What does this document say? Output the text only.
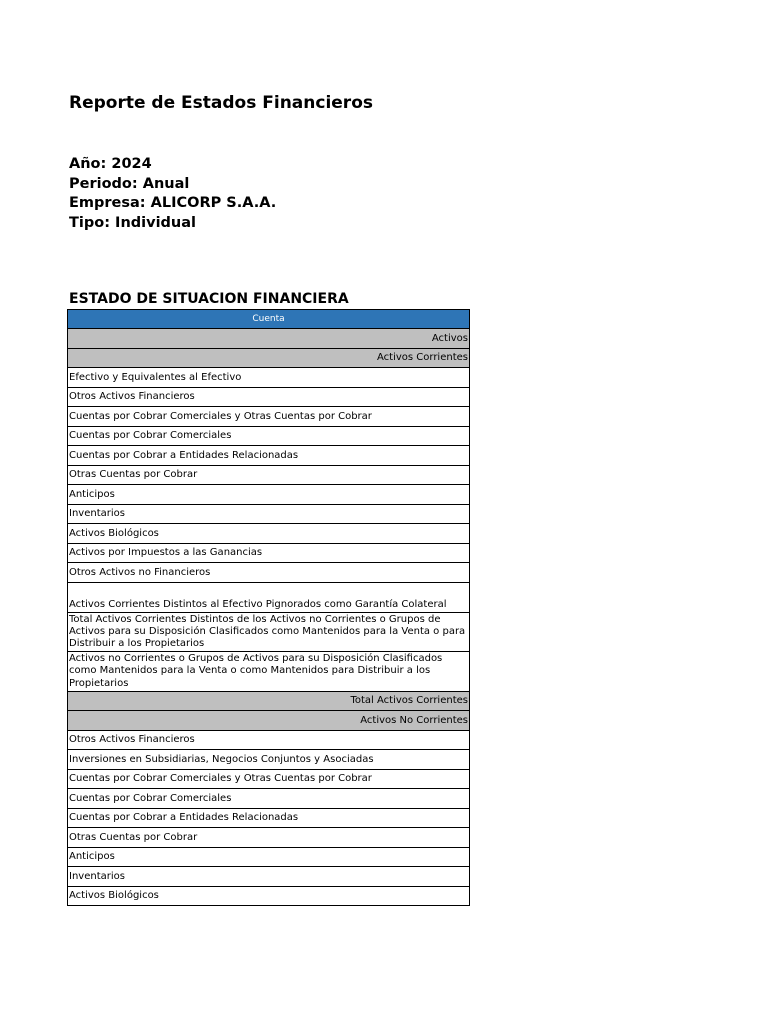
Reporte de Estados Financieros
Año: 2024
Periodo: Anual
Empresa: ALICORP S.A.A.
Tipo: Individual
ESTADO DE SITUACION FINANCIERA
Cuenta
Activos
Activos Corrientes
Efectivo y Equivalentes al Efectivo
Otros Activos Financieros
Cuentas por Cobrar Comerciales y Otras Cuentas por Cobrar
Cuentas por Cobrar Comerciales
Cuentas por Cobrar a Entidades Relacionadas
Otras Cuentas por Cobrar
Anticipos
Inventarios
Activos Biológicos
Activos por Impuestos a las Ganancias
Otros Activos no Financieros
Activos Corrientes Distintos al Efectivo Pignorados como Garantía Colateral
Total Activos Corrientes Distintos de los Activos no Corrientes o Grupos de Activos para su Disposición Clasificados como Mantenidos para la Venta o para Distribuir a los Propietarios
Activos no Corrientes o Grupos de Activos para su Disposición Clasificados como Mantenidos para la Venta o como Mantenidos para Distribuir a los Propietarios
Total Activos Corrientes
Activos No Corrientes
Otros Activos Financieros
Inversiones en Subsidiarias, Negocios Conjuntos y Asociadas
Cuentas por Cobrar Comerciales y Otras Cuentas por Cobrar
Cuentas por Cobrar Comerciales
Cuentas por Cobrar a Entidades Relacionadas
Otras Cuentas por Cobrar
Anticipos
Inventarios
Activos Biológicos
